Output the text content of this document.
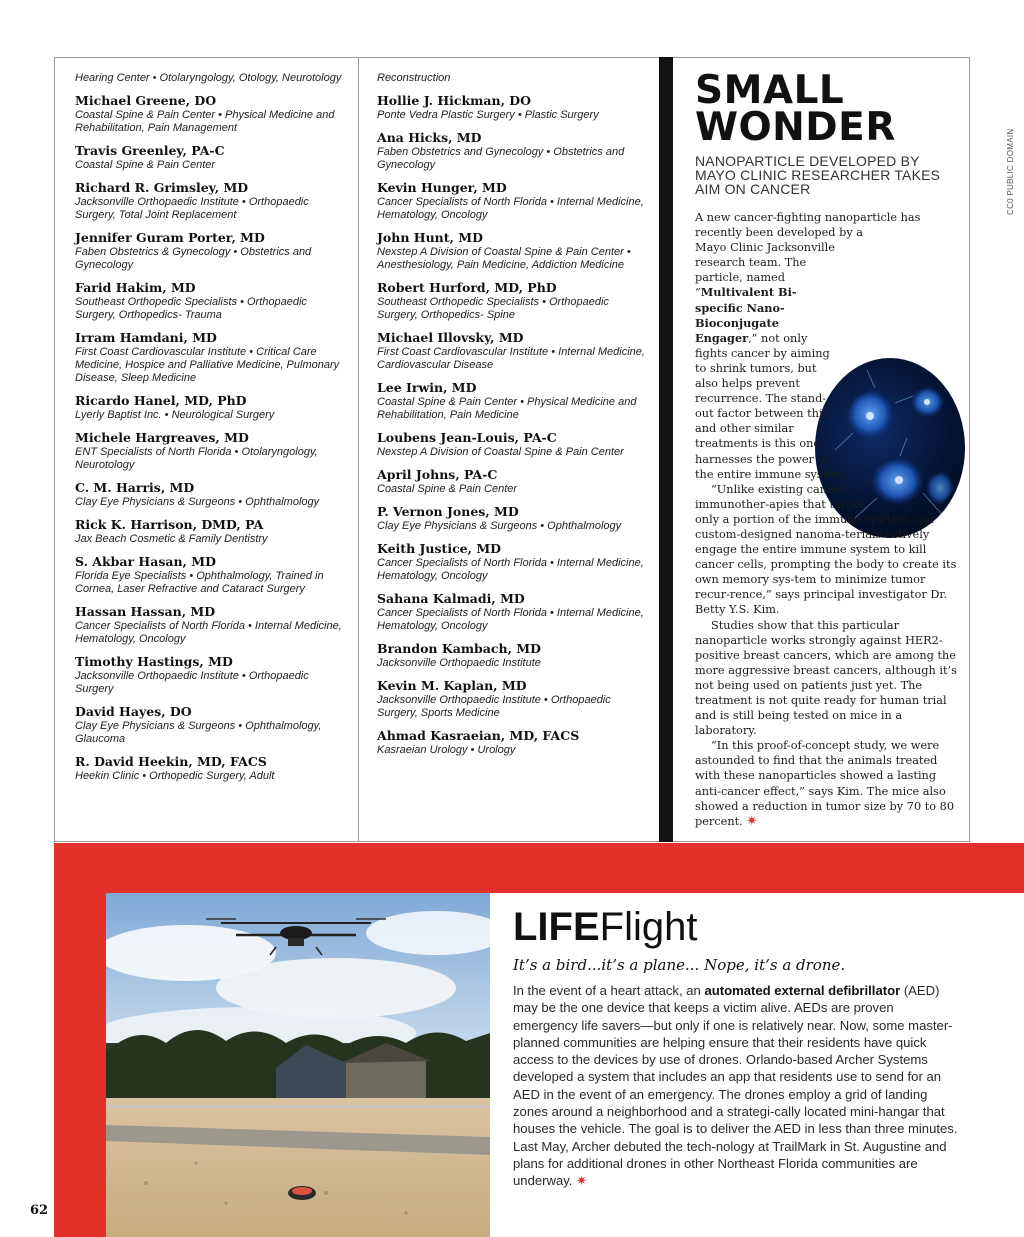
Hearing Center • Otolaryngology, Otology, Neurotology
Michael Greene, DO
Coastal Spine & Pain Center • Physical Medicine and Rehabilitation, Pain Management
Travis Greenley, PA-C
Coastal Spine & Pain Center
Richard R. Grimsley, MD
Jacksonville Orthopaedic Institute • Orthopaedic Surgery, Total Joint Replacement
Jennifer Guram Porter, MD
Faben Obstetrics & Gynecology • Obstetrics and Gynecology
Farid Hakim, MD
Southeast Orthopedic Specialists • Orthopaedic Surgery, Orthopedics- Trauma
Irram Hamdani, MD
First Coast Cardiovascular Institute • Critical Care Medicine, Hospice and Palliative Medicine, Pulmonary Disease, Sleep Medicine
Ricardo Hanel, MD, PhD
Lyerly Baptist Inc. • Neurological Surgery
Michele Hargreaves, MD
ENT Specialists of North Florida • Otolaryngology, Neurotology
C. M. Harris, MD
Clay Eye Physicians & Surgeons • Ophthalmology
Rick K. Harrison, DMD, PA
Jax Beach Cosmetic & Family Dentistry
S. Akbar Hasan, MD
Florida Eye Specialists • Ophthalmology, Trained in Cornea, Laser Refractive and Cataract Surgery
Hassan Hassan, MD
Cancer Specialists of North Florida • Internal Medicine, Hematology, Oncology
Timothy Hastings, MD
Jacksonville Orthopaedic Institute • Orthopaedic Surgery
David Hayes, DO
Clay Eye Physicians & Surgeons • Ophthalmology, Glaucoma
R. David Heekin, MD, FACS
Heekin Clinic • Orthopedic Surgery, Adult
Reconstruction
Hollie J. Hickman, DO
Ponte Vedra Plastic Surgery • Plastic Surgery
Ana Hicks, MD
Faben Obstetrics and Gynecology • Obstetrics and Gynecology
Kevin Hunger, MD
Cancer Specialists of North Florida • Internal Medicine, Hematology, Oncology
John Hunt, MD
Nexstep A Division of Coastal Spine & Pain Center • Anesthesiology, Pain Medicine, Addiction Medicine
Robert Hurford, MD, PhD
Southeast Orthopedic Specialists • Orthopaedic Surgery, Orthopedics- Spine
Michael Illovsky, MD
First Coast Cardiovascular Institute • Internal Medicine, Cardiovascular Disease
Lee Irwin, MD
Coastal Spine & Pain Center • Physical Medicine and Rehabilitation, Pain Medicine
Loubens Jean-Louis, PA-C
Nexstep A Division of Coastal Spine & Pain Center
April Johns, PA-C
Coastal Spine & Pain Center
P. Vernon Jones, MD
Clay Eye Physicians & Surgeons • Ophthalmology
Keith Justice, MD
Cancer Specialists of North Florida • Internal Medicine, Hematology, Oncology
Sahana Kalmadi, MD
Cancer Specialists of North Florida • Internal Medicine, Hematology, Oncology
Brandon Kambach, MD
Jacksonville Orthopaedic Institute
Kevin M. Kaplan, MD
Jacksonville Orthopaedic Institute • Orthopaedic Surgery, Sports Medicine
Ahmad Kasraeian, MD, FACS
Kasraeian Urology • Urology
SMALL
WONDER
NANOPARTICLE DEVELOPED BY MAYO CLINIC RESEARCHER TAKES AIM ON CANCER

A new cancer-fighting nanoparticle has recently been developed by a Mayo Clinic Jacksonville research team. The particle, named “Multivalent Bi-specific Nano-Bioconjugate Engager,” not only fights cancer by aiming to shrink tumors, but also helps prevent recurrence. The stand-out factor between this and other similar treatments is this one harnesses the power of the entire immune system.

“Unlike existing cancer immunother-apies that target only a portion of the immune sys-tem, our custom-designed nanoma-terials actively engage the entire immune system to kill cancer cells, prompting the body to create its own memory sys-tem to minimize tumor recur-rence,” says principal investigator Dr. Betty Y.S. Kim.

Studies show that this particular nanoparticle works strongly against HER2-positive breast cancers, which are among the more aggressive breast cancers, although it’s not being used on patients just yet. The treatment is not quite ready for human trial and is still being tested on mice in a laboratory.

“In this proof-of-concept study, we were astounded to find that the animals treated with these nanoparticles showed a lasting anti-cancer effect,” says Kim. The mice also showed a reduction in tumor size by 70 to 80 percent. ✷

CC0 PUBLIC DOMAIN
LIFEFlight
It’s a bird...it’s a plane... Nope, it’s a drone.
In the event of a heart attack, an automated external defibrillator (AED) may be the one device that keeps a victim alive. AEDs are proven emergency life savers—but only if one is relatively near. Now, some master-planned communities are helping ensure that their residents have quick access to the devices by use of drones. Orlando-based Archer Systems developed a system that includes an app that residents use to send for an AED in the event of an emergency. The drones employ a grid of landing zones around a neighborhood and a strategi-cally located mini-hangar that houses the vehicle. The goal is to deliver the AED in less than three minutes. Last May, Archer debuted the tech-nology at TrailMark in St. Augustine and plans for additional drones in other Northeast Florida communities are underway. ✷
62
